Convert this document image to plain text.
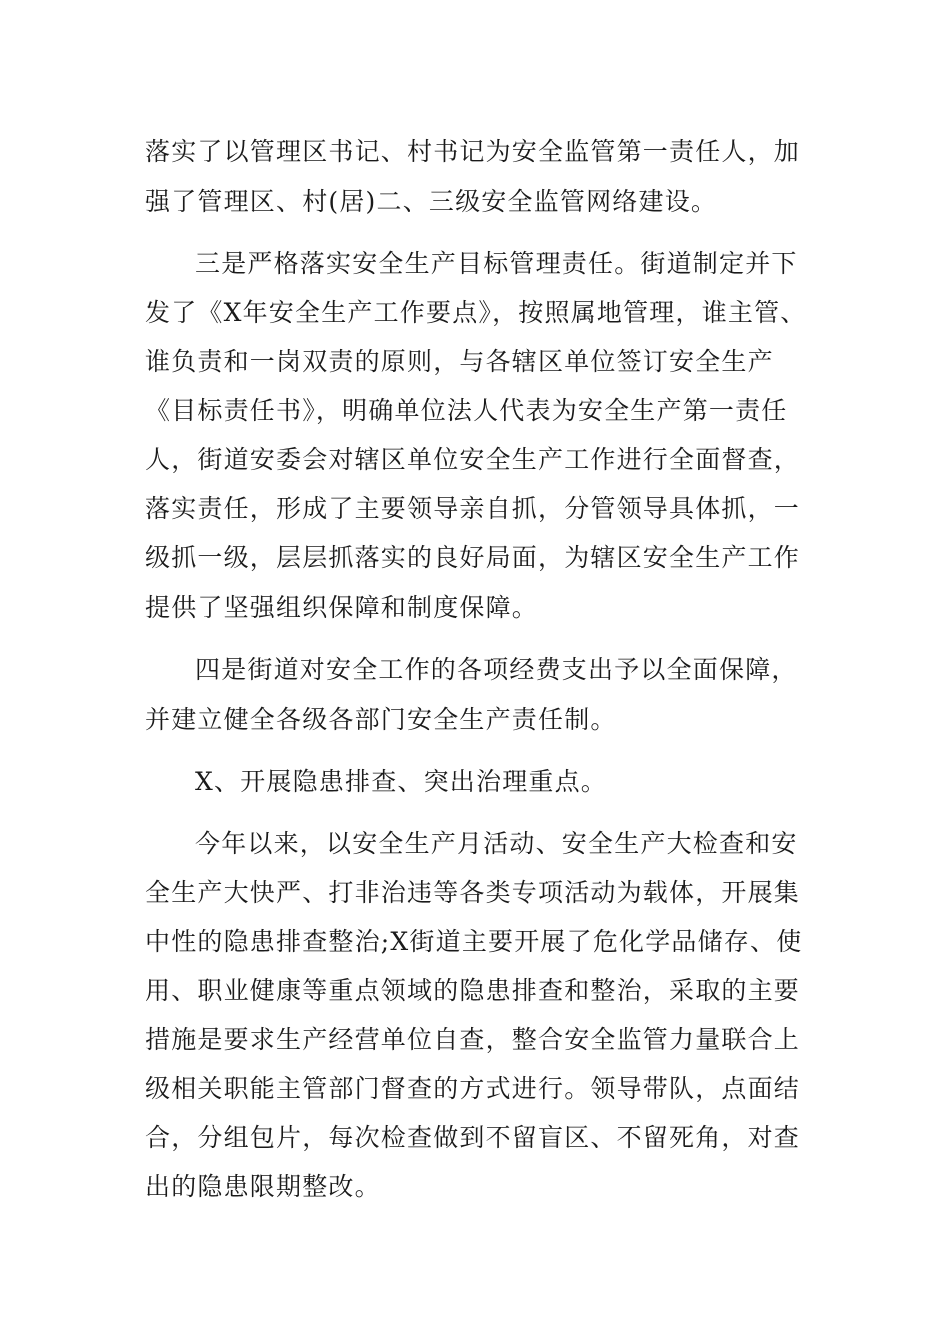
落实了以管理区书记、村书记为安全监管第一责任人，加

强了管理区、村(居)二、三级安全监管网络建设。

三是严格落实安全生产目标管理责任。街道制定并下

发了《X年安全生产工作要点》，按照属地管理，谁主管、

谁负责和一岗双责的原则，与各辖区单位签订安全生产

《目标责任书》，明确单位法人代表为安全生产第一责任

人，街道安委会对辖区单位安全生产工作进行全面督查，

落实责任，形成了主要领导亲自抓，分管领导具体抓，一

级抓一级，层层抓落实的良好局面，为辖区安全生产工作

提供了坚强组织保障和制度保障。

四是街道对安全工作的各项经费支出予以全面保障，

并建立健全各级各部门安全生产责任制。

X、开展隐患排查、突出治理重点。

今年以来，以安全生产月活动、安全生产大检查和安

全生产大快严、打非治违等各类专项活动为载体，开展集

中性的隐患排查整治;X街道主要开展了危化学品储存、使

用、职业健康等重点领域的隐患排查和整治，采取的主要

措施是要求生产经营单位自查，整合安全监管力量联合上

级相关职能主管部门督查的方式进行。领导带队，点面结

合，分组包片，每次检查做到不留盲区、不留死角，对查

出的隐患限期整改。
